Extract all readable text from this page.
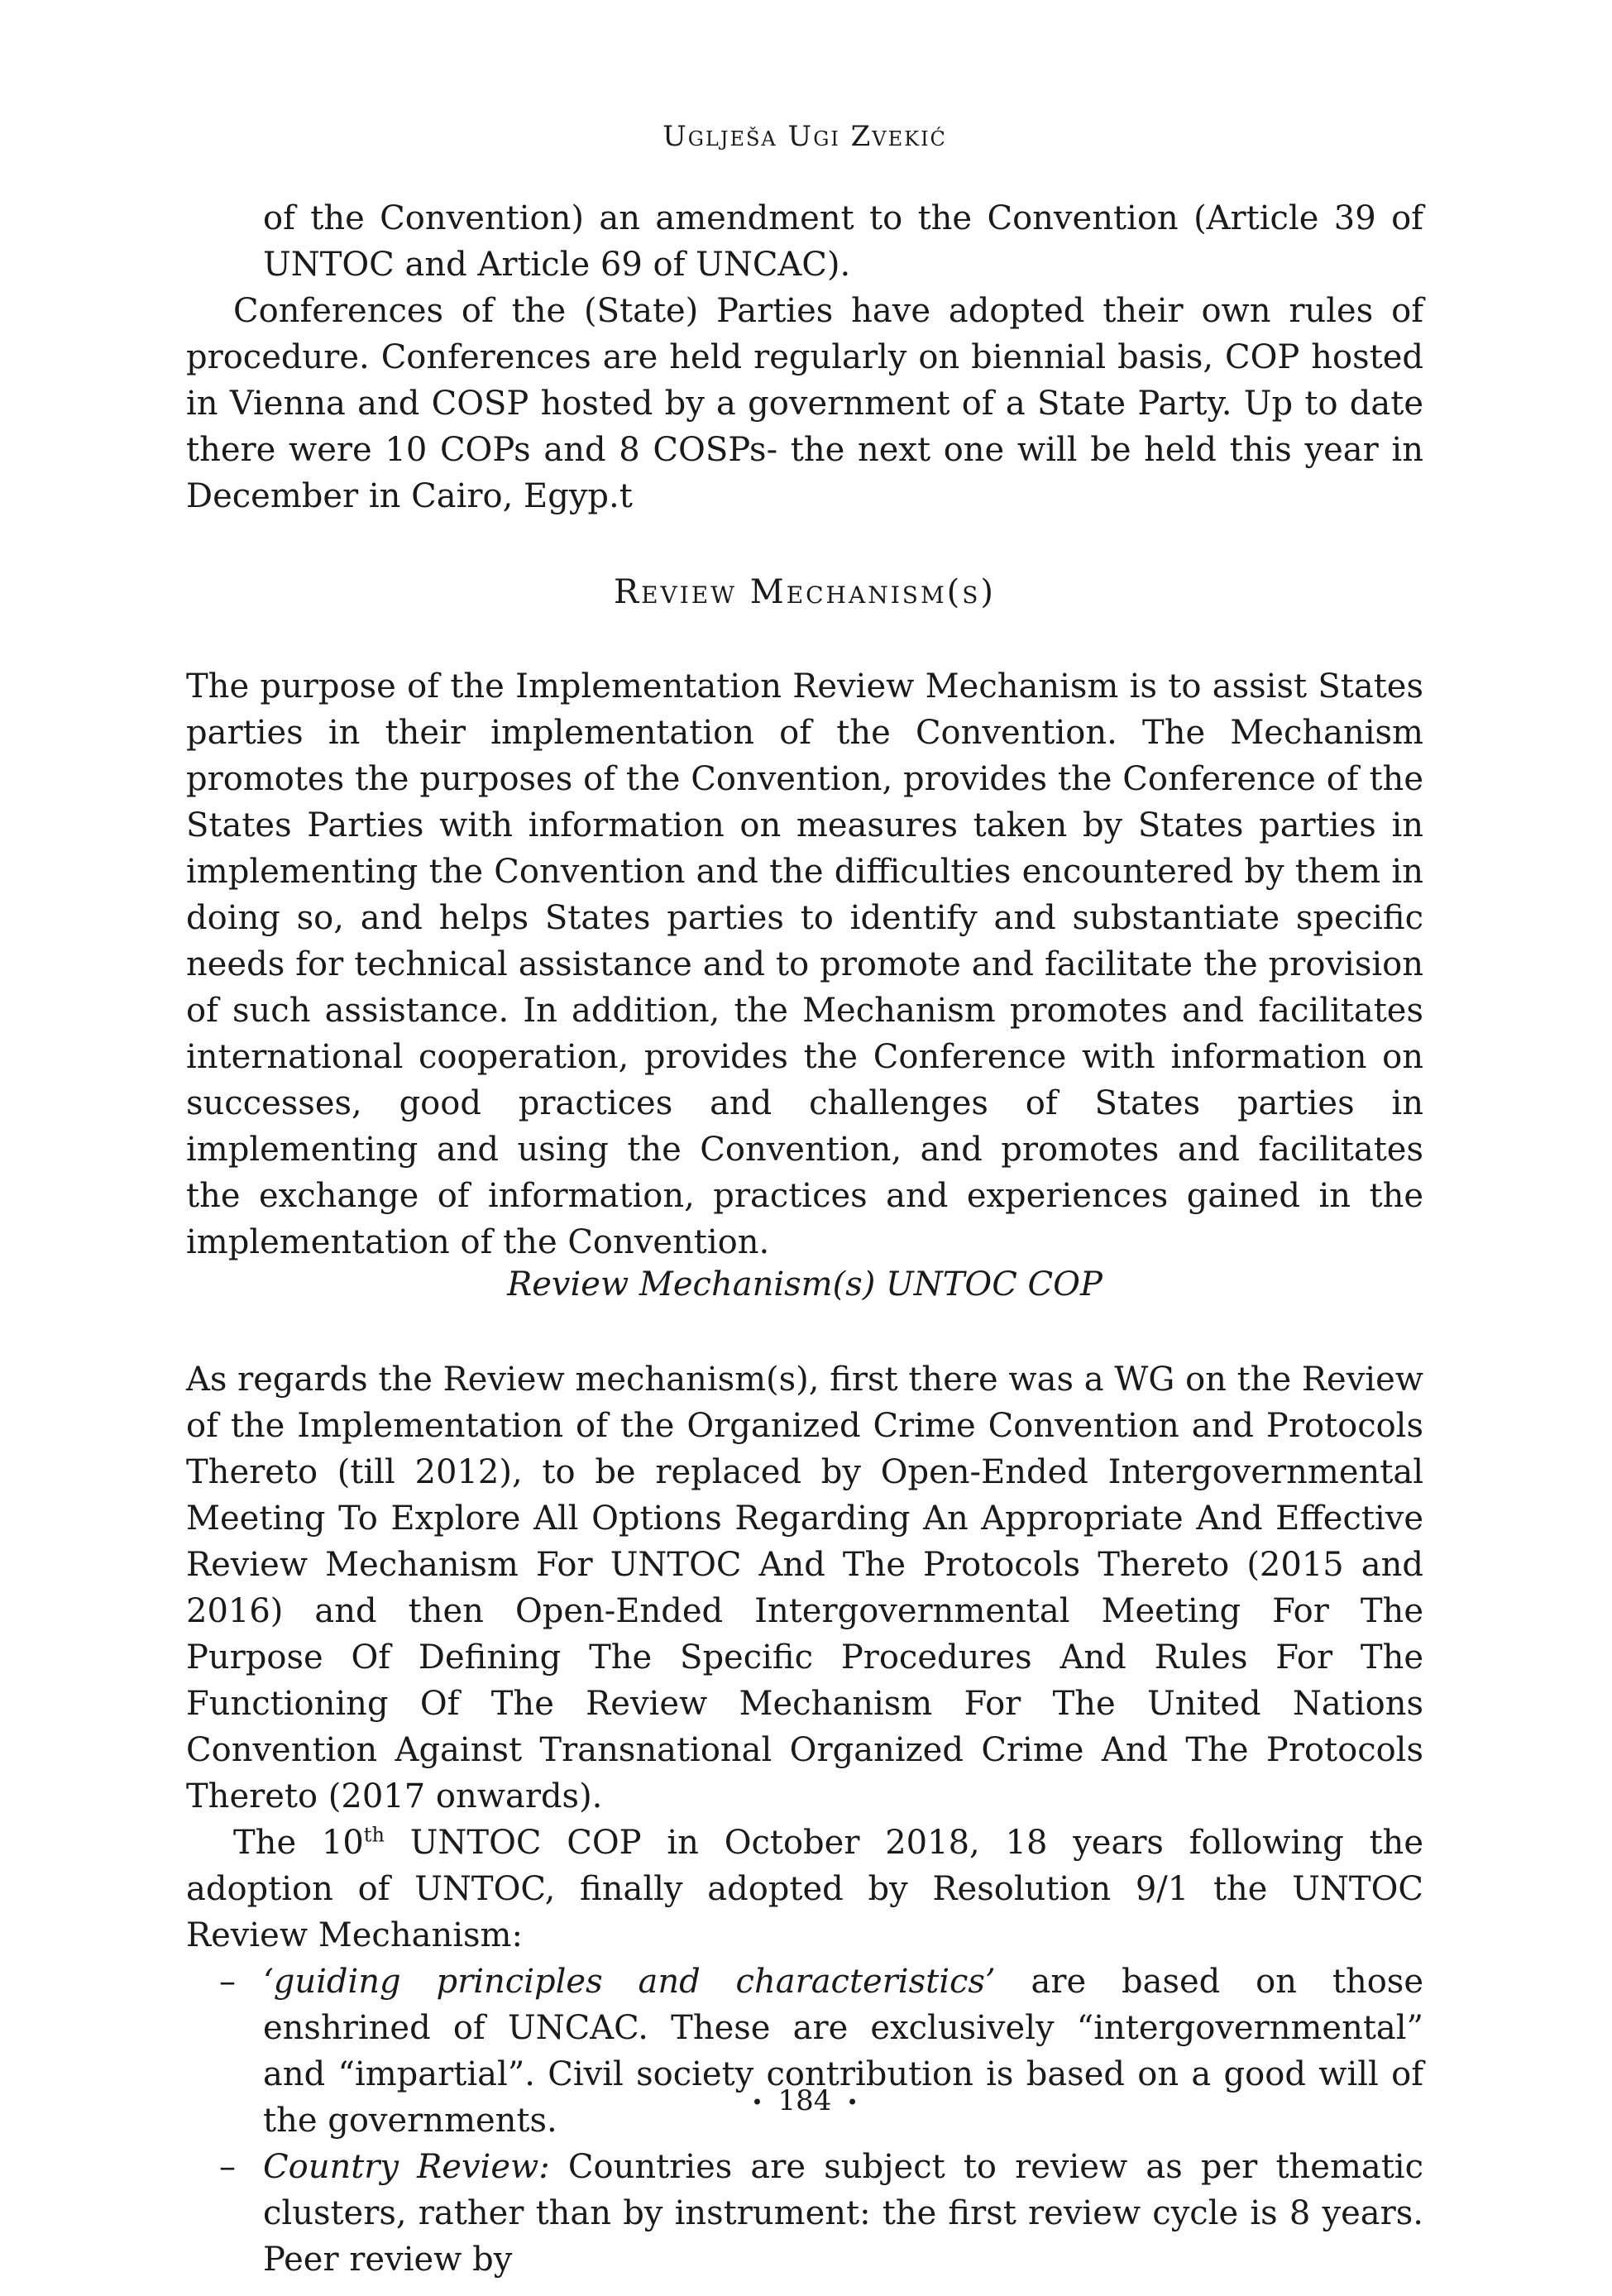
Uglješa Ugi Zvekić

of the Convention) an amendment to the Convention (Article 39 of UNTOC and Article 69 of UNCAC).

Conferences of the (State) Parties have adopted their own rules of procedure. Conferences are held regularly on biennial basis, COP hosted in Vienna and COSP hosted by a government of a State Party. Up to date there were 10 COPs and 8 COSPs- the next one will be held this year in December in Cairo, Egyp.t

Review Mechanism(s)

The purpose of the Implementation Review Mechanism is to assist States parties in their implementation of the Convention. The Mechanism promotes the purposes of the Convention, provides the Conference of the States Parties with information on measures taken by States parties in implementing the Convention and the difficulties encountered by them in doing so, and helps States parties to identify and substantiate specific needs for technical assistance and to promote and facilitate the provision of such assistance. In addition, the Mechanism promotes and facilitates international cooperation, provides the Conference with information on successes, good practices and challenges of States parties in implementing and using the Convention, and promotes and facilitates the exchange of information, practices and experiences gained in the implementation of the Convention.

Review Mechanism(s) UNTOC COP

As regards the Review mechanism(s), first there was a WG on the Review of the Implementation of the Organized Crime Convention and Protocols Thereto (till 2012), to be replaced by Open-Ended Intergovernmental Meeting To Explore All Options Regarding An Appropriate And Effective Review Mechanism For UNTOC And The Protocols Thereto (2015 and 2016) and then Open-Ended Intergovernmental Meeting For The Purpose Of Defining The Specific Procedures And Rules For The Functioning Of The Review Mechanism For The United Nations Convention Against Transnational Organized Crime And The Protocols Thereto (2017 onwards).

The 10th UNTOC COP in October 2018, 18 years following the adoption of UNTOC, finally adopted by Resolution 9/1 the UNTOC Review Mechanism:

– ‘guiding principles and characteristics’ are based on those enshrined of UNCAC. These are exclusively “intergovernmental” and “impartial”. Civil society contribution is based on a good will of the governments.

– Country Review: Countries are subject to review as per thematic clusters, rather than by instrument: the first review cycle is 8 years. Peer review by

• 184 •
